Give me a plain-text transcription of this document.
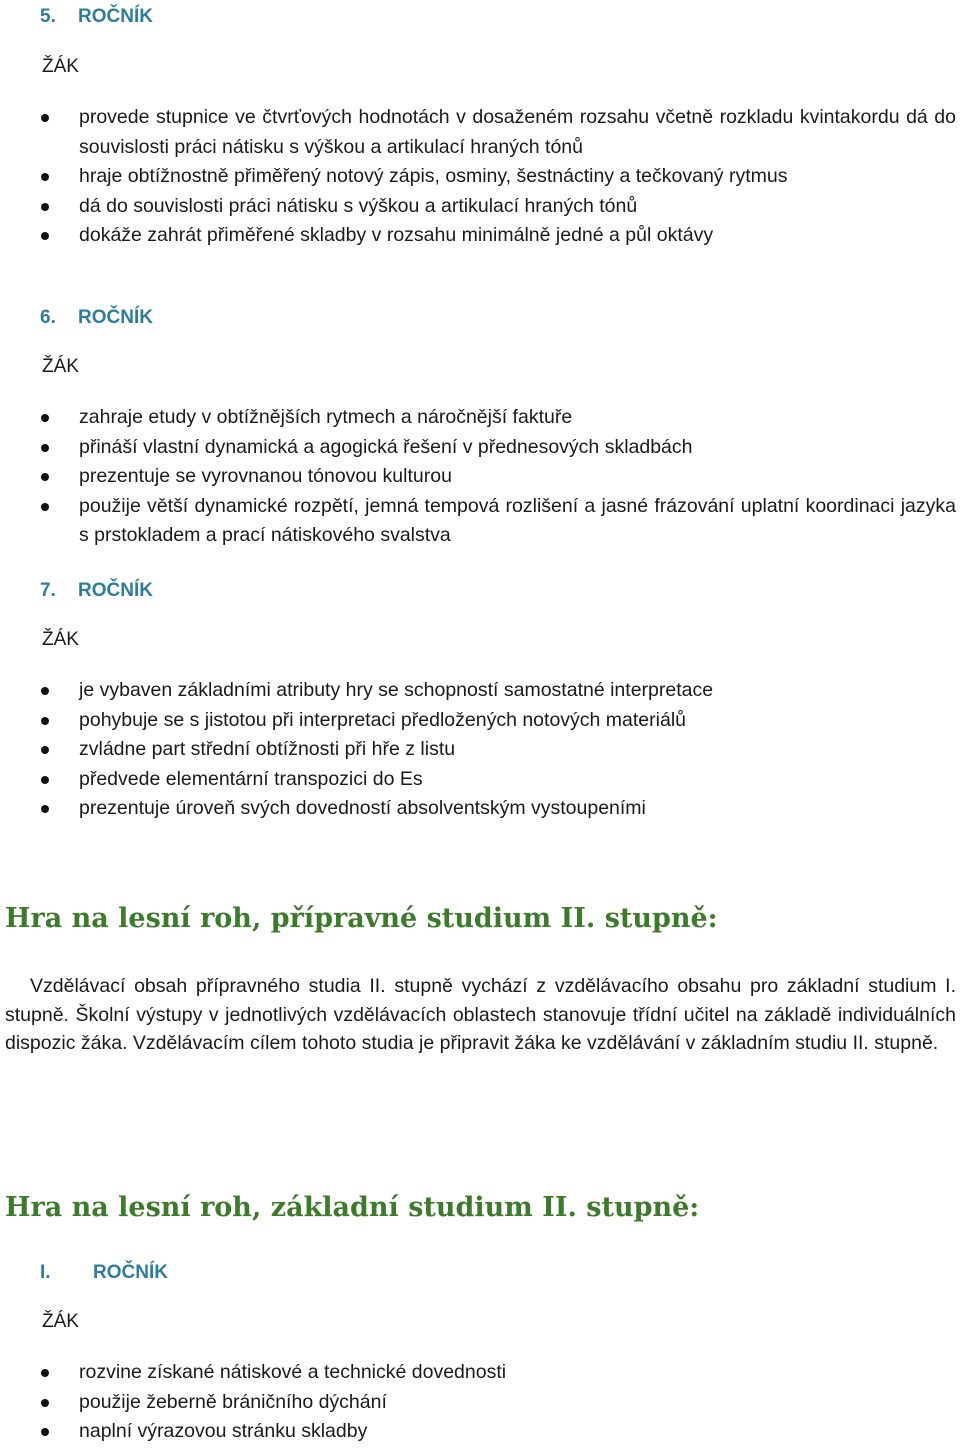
5. ROČNÍK
ŽÁK
provede stupnice ve čtvrťových hodnotách v dosaženém rozsahu včetně rozkladu kvintakordu dá do souvislosti práci nátisku s výškou a artikulací hraných tónů
hraje obtížnostně přiměřený notový zápis, osminy, šestnáctiny a tečkovaný rytmus
dá do souvislosti práci nátisku s výškou a artikulací hraných tónů
dokáže zahrát přiměřené skladby v rozsahu minimálně jedné a půl oktávy
6. ROČNÍK
ŽÁK
zahraje etudy v obtížnějších rytmech a náročnější faktuře
přináší vlastní dynamická a agogická řešení v přednesových skladbách
prezentuje se vyrovnanou tónovou kulturou
použije větší dynamické rozpětí, jemná tempová rozlišení a jasné frázování uplatní koordinaci jazyka s prstokladem a prací nátiskového svalstva
7. ROČNÍK
ŽÁK
je vybaven základními atributy hry se schopností samostatné interpretace
pohybuje se s jistotou při interpretaci předložených notových materiálů
zvládne part střední obtížnosti při hře z listu
předvede elementární transpozici do Es
prezentuje úroveň svých dovedností absolventským vystoupeními
Hra na lesní roh, přípravné studium II. stupně:

Vzdělávací obsah přípravného studia II. stupně vychází z vzdělávacího obsahu pro základní studium I. stupně. Školní výstupy v jednotlivých vzdělávacích oblastech stanovuje třídní učitel na základě individuálních dispozic žáka. Vzdělávacím cílem tohoto studia je připravit žáka ke vzdělávání v základním studiu II. stupně.

Hra na lesní roh, základní studium II. stupně:
I. ROČNÍK
ŽÁK
rozvine získané nátiskové a technické dovednosti
použije žeberně bráničního dýchání
naplní výrazovou stránku skladby
